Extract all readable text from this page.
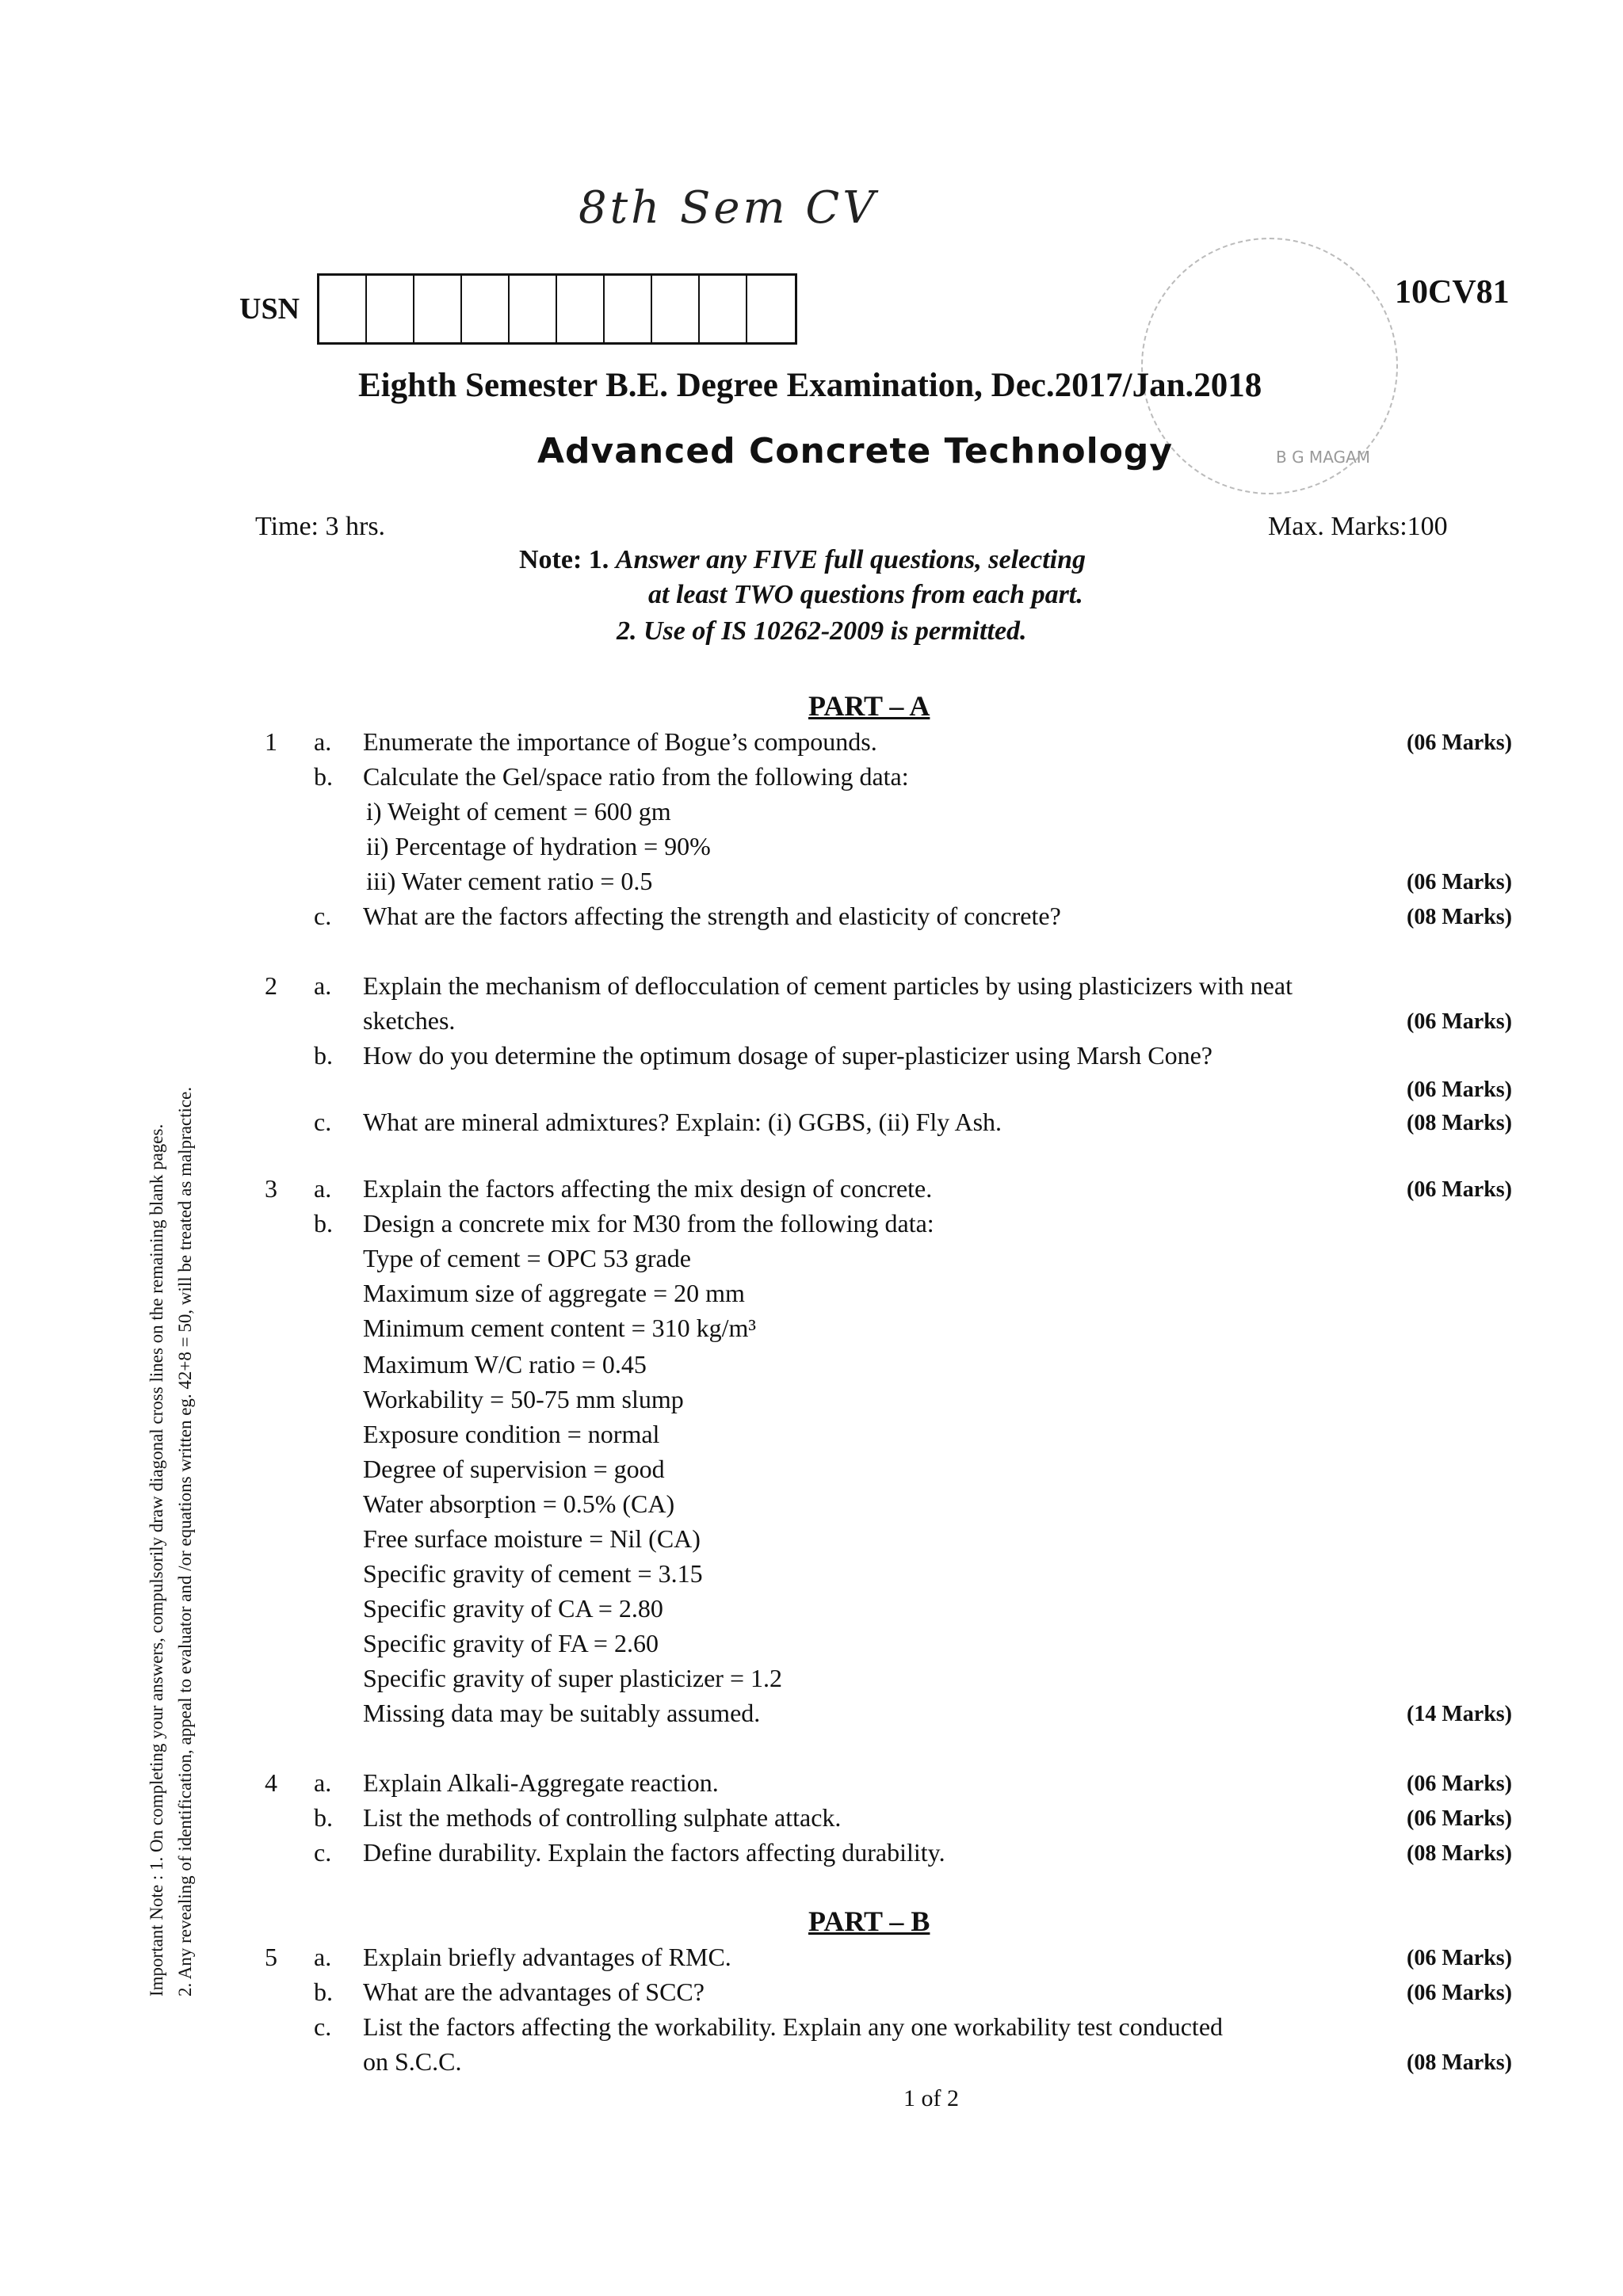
8th Sem CV
USN
B G MAGAM
10CV81
Eighth Semester B.E. Degree Examination, Dec.2017/Jan.2018
Advanced Concrete Technology
Time: 3 hrs.	Max. Marks:100
Note: 1. Answer any FIVE full questions, selecting
at least TWO questions from each part.
2. Use of IS 10262-2009 is permitted.
Important Note : 1. On completing your answers, compulsorily draw diagonal cross lines on the remaining blank pages. 2. Any revealing of identification, appeal to evaluator and /or equations written eg. 42+8 = 50, will be treated as malpractice.
PART – A
1 a. Enumerate the importance of Bogue’s compounds.	(06 Marks)
b. Calculate the Gel/space ratio from the following data:
i) Weight of cement = 600 gm
ii) Percentage of hydration = 90%
iii) Water cement ratio = 0.5	(06 Marks)
c. What are the factors affecting the strength and elasticity of concrete?	(08 Marks)
2 a. Explain the mechanism of deflocculation of cement particles by using plasticizers with neat
sketches.	(06 Marks)
b. How do you determine the optimum dosage of super-plasticizer using Marsh Cone?
(06 Marks)
c. What are mineral admixtures? Explain: (i) GGBS, (ii) Fly Ash.	(08 Marks)
3 a. Explain the factors affecting the mix design of concrete.	(06 Marks)
b. Design a concrete mix for M30 from the following data:
Type of cement = OPC 53 grade
Maximum size of aggregate = 20 mm
Minimum cement content = 310 kg/m³
Maximum W/C ratio = 0.45
Workability = 50-75 mm slump
Exposure condition = normal
Degree of supervision = good
Water absorption = 0.5% (CA)
Free surface moisture = Nil (CA)
Specific gravity of cement = 3.15
Specific gravity of CA = 2.80
Specific gravity of FA = 2.60
Specific gravity of super plasticizer = 1.2
Missing data may be suitably assumed.	(14 Marks)
4 a. Explain Alkali-Aggregate reaction.	(06 Marks)
b. List the methods of controlling sulphate attack.	(06 Marks)
c. Define durability. Explain the factors affecting durability.	(08 Marks)
PART – B
5 a. Explain briefly advantages of RMC.	(06 Marks)
b. What are the advantages of SCC?	(06 Marks)
c. List the factors affecting the workability. Explain any one workability test conducted
on S.C.C.	(08 Marks)
1 of 2
